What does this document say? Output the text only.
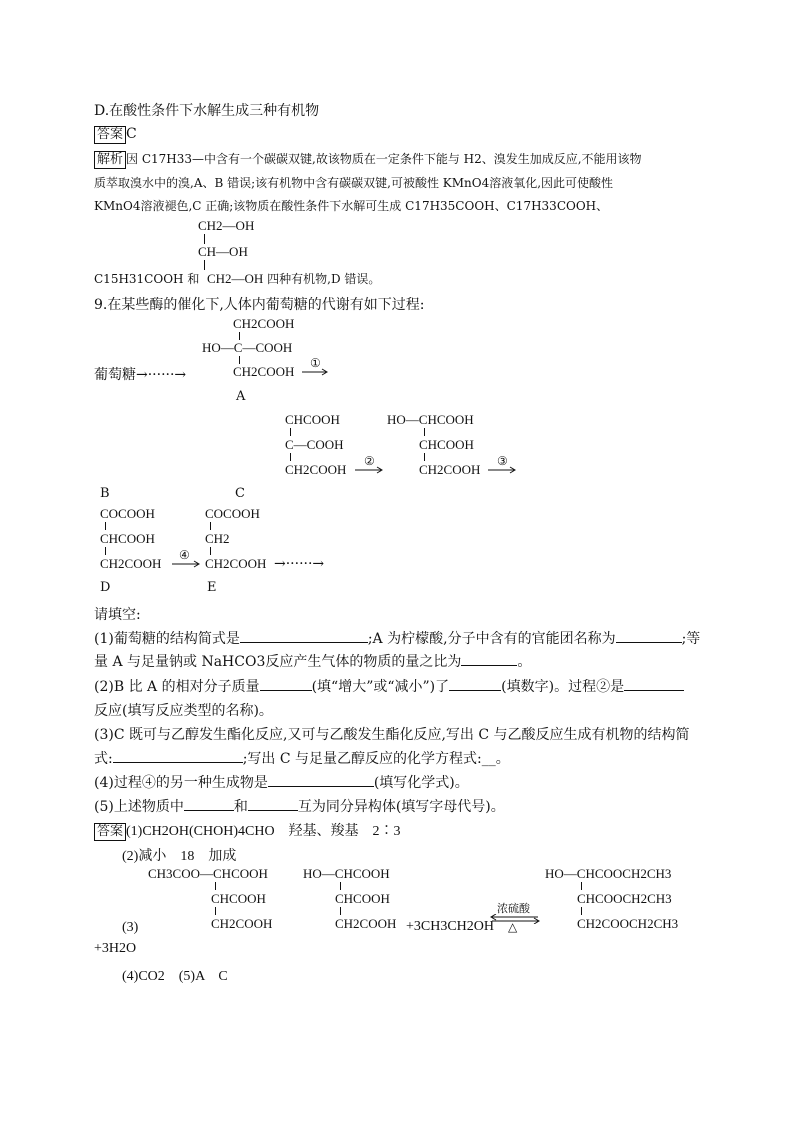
D.在酸性条件下水解生成三种有机物
答案 C
解析 因 C17H33—中含有一个碳碳双键,故该物质在一定条件下能与 H2、溴发生加成反应,不能用该物
质萃取溴水中的溴,A、B 错误;该有机物中含有碳碳双键,可被酸性 KMnO4溶液氧化,因此可使酸性
KMnO4溶液褪色,C 正确;该物质在酸性条件下水解可生成 C17H35COOH、C17H33COOH、
CH2—OH
CH—OH
C15H31COOH 和 CH2—OH 四种有机物,D 错误。
9.在某些酶的催化下,人体内葡萄糖的代谢有如下过程:
CH2COOH
HO—C—COOH
葡萄糖→······→	CH2COOH
①
A
CHCOOH
C—COOH
CH2COOH
②
HO—CHCOOH
CHCOOH
CH2COOH
③
B	C
COCOOH
CHCOOH
CH2COOH
④
COCOOH
CH2
CH2COOH →······→
D	E
请填空:
(1)葡萄糖的结构简式是	;A 为柠檬酸,分子中含有的官能团名称为	;等
量 A 与足量钠或 NaHCO3反应产生气体的物质的量之比为	。
(2)B 比 A 的相对分子质量	(填“增大”或“减小”)了	(填数字)。过程②是
反应(填写反应类型的名称)。
(3)C 既可与乙醇发生酯化反应,又可与乙酸发生酯化反应,写出 C 与乙酸反应生成有机物的结构简
式:	;写出 C 与足量乙醇反应的化学方程式:__。
(4)过程④的另一种生成物是	(填写化学式)。
(5)上述物质中	和	互为同分异构体(填写字母代号)。
答案 (1)CH2OH(CHOH)4CHO　羟基、羧基　2∶3
(2)减小　18　加成
CH3COO—CHCOOH
CHCOOH
CH2COOH
(3)
HO—CHCOOH
CHCOOH
CH2COOH +3CH3CH2OH
浓硫酸
△
HO—CHCOOCH2CH3
CHCOOCH2CH3
CH2COOCH2CH3
+3H2O
(4)CO2　(5)A　C
